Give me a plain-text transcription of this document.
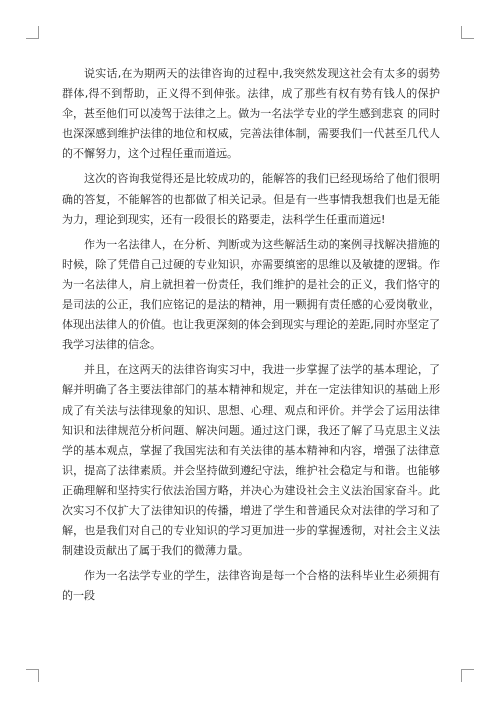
说实话,在为期两天的法律咨询的过程中,我突然发现这社会有太多的弱势群体,得不到帮助，正义得不到伸张。法律，成了那些有权有势有钱人的保护伞，甚至他们可以凌驾于法律之上。做为一名法学专业的学生感到悲哀 的同时也深深感到维护法律的地位和权威，完善法律体制，需要我们一代甚至几代人的不懈努力，这个过程任重而道远。

这次的咨询我觉得还是比较成功的，能解答的我们已经现场给了他们很明确的答复，不能解答的也都做了相关记录。但是有一些事情我想我们也是无能为力，理论到现实，还有一段很长的路要走，法科学生任重而道远!

作为一名法律人，在分析、判断或为这些解活生动的案例寻找解决措施的时候，除了凭借自己过硬的专业知识，亦需要缜密的思维以及敏捷的逻辑。作为一名法律人，肩上就担着一份责任，我们维护的是社会的正义，我们恪守的是司法的公正，我们应铭记的是法的精神，用一颗拥有责任感的心爱岗敬业，体现出法律人的价值。也让我更深刻的体会到现实与理论的差距,同时亦坚定了我学习法律的信念。

并且，在这两天的法律咨询实习中，我进一步掌握了法学的基本理论，了解并明确了各主要法律部门的基本精神和规定，并在一定法律知识的基础上形成了有关法与法律现象的知识、思想、心理、观点和评价。并学会了运用法律知识和法律规范分析问题、解决问题。通过这门课，我还了解了马克思主义法学的基本观点，掌握了我国宪法和有关法律的基本精神和内容，增强了法律意识，提高了法律素质。并会坚持做到遵纪守法，维护社会稳定与和谐。也能够正确理解和坚持实行依法治国方略，并决心为建设社会主义法治国家奋斗。此次实习不仅扩大了法律知识的传播，增进了学生和普通民众对法律的学习和了解，也是我们对自己的专业知识的学习更加进一步的掌握透彻，对社会主义法制建设贡献出了属于我们的微薄力量。

作为一名法学专业的学生，法律咨询是每一个合格的法科毕业生必须拥有的一段
